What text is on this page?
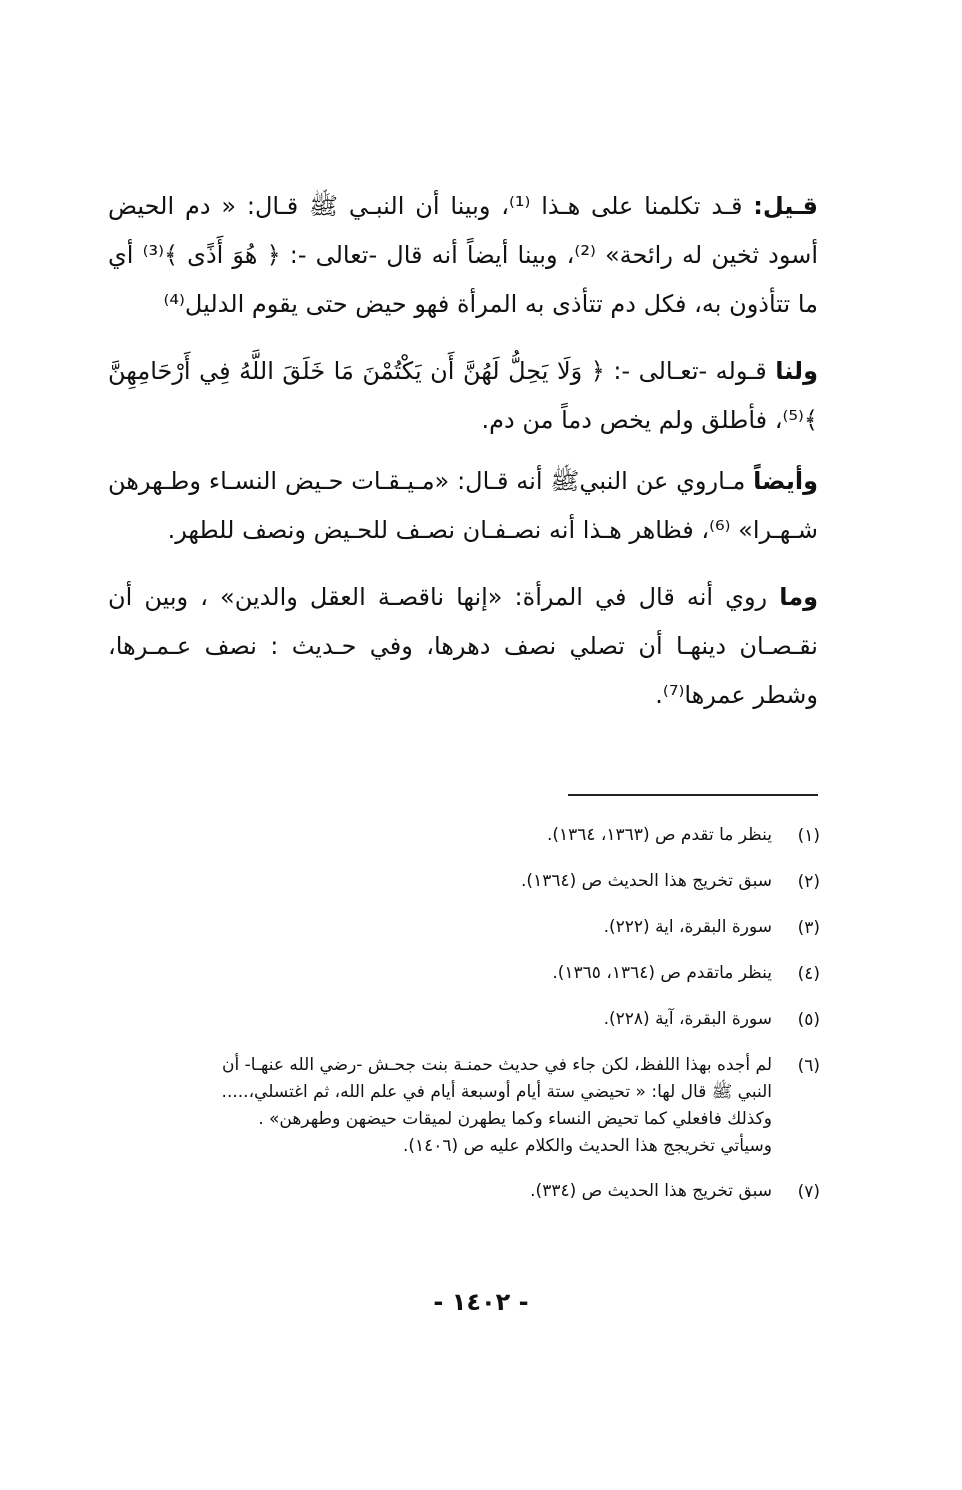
قـيل: قـد تكلمنا على هـذا ⁽¹⁾، وبينا أن النبـي ﷺ قـال: « دم الحيض أسود ثخين له رائحة» ⁽²⁾، وبينا أيضاً أنه قال -تعالى -: ﴿ هُوَ أَذًى ﴾⁽³⁾ أي ما تتأذون به، فكل دم تتأذى به المرأة فهو حيض حتى يقوم الدليل⁽⁴⁾

ولنا قـوله -تعـالى -: ﴿ وَلَا يَحِلُّ لَهُنَّ أَن يَكْتُمْنَ مَا خَلَقَ اللَّهُ فِي أَرْحَامِهِنَّ ﴾⁽⁵⁾، فأطلق ولم يخص دماً من دم.

وأيضاً مـاروي عن النبيﷺ أنه قـال: «مـيـقـات حـيض النسـاء وطـهرهن شـهـرا» ⁽⁶⁾، فظاهر هـذا أنه نصـفـان نصـف للحـيض ونصف للطهر.

وما روي أنه قال في المرأة: «إنها ناقصـة العقل والدين» ، وبين أن نقـصـان دينهـا أن تصلي نصف دهرها، وفي حـديث : نصف عـمـرها، وشطر عمرها⁽⁷⁾.

(١)
ينظر ما تقدم ص (١٣٦٣، ١٣٦٤).
(٢)
سبق تخريج هذا الحديث ص (١٣٦٤).
(٣)
سورة البقرة، اية (٢٢٢).
(٤)
ينظر ماتقدم ص (١٣٦٤، ١٣٦٥).
(٥)
سورة البقرة، آية (٢٢٨).
(٦)
لم أجده بهذا اللفظ، لكن جاء في حديث حمنـة بنت جحـش -رضي الله عنهـا- أن
النبي ﷺ قال لها: « تحيضي ستة أيام أوسبعة أيام في علم الله، ثم اغتسلي،.....
وكذلك فافعلي كما تحيض النساء وكما يطهرن لميقات حيضهن وطهرهن» .
وسيأتي تخريجج هذا الحديث والكلام عليه ص (١٤٠٦).
(٧)
سبق تخريج هذا الحديث ص (٣٣٤).
- ١٤٠٢ -
